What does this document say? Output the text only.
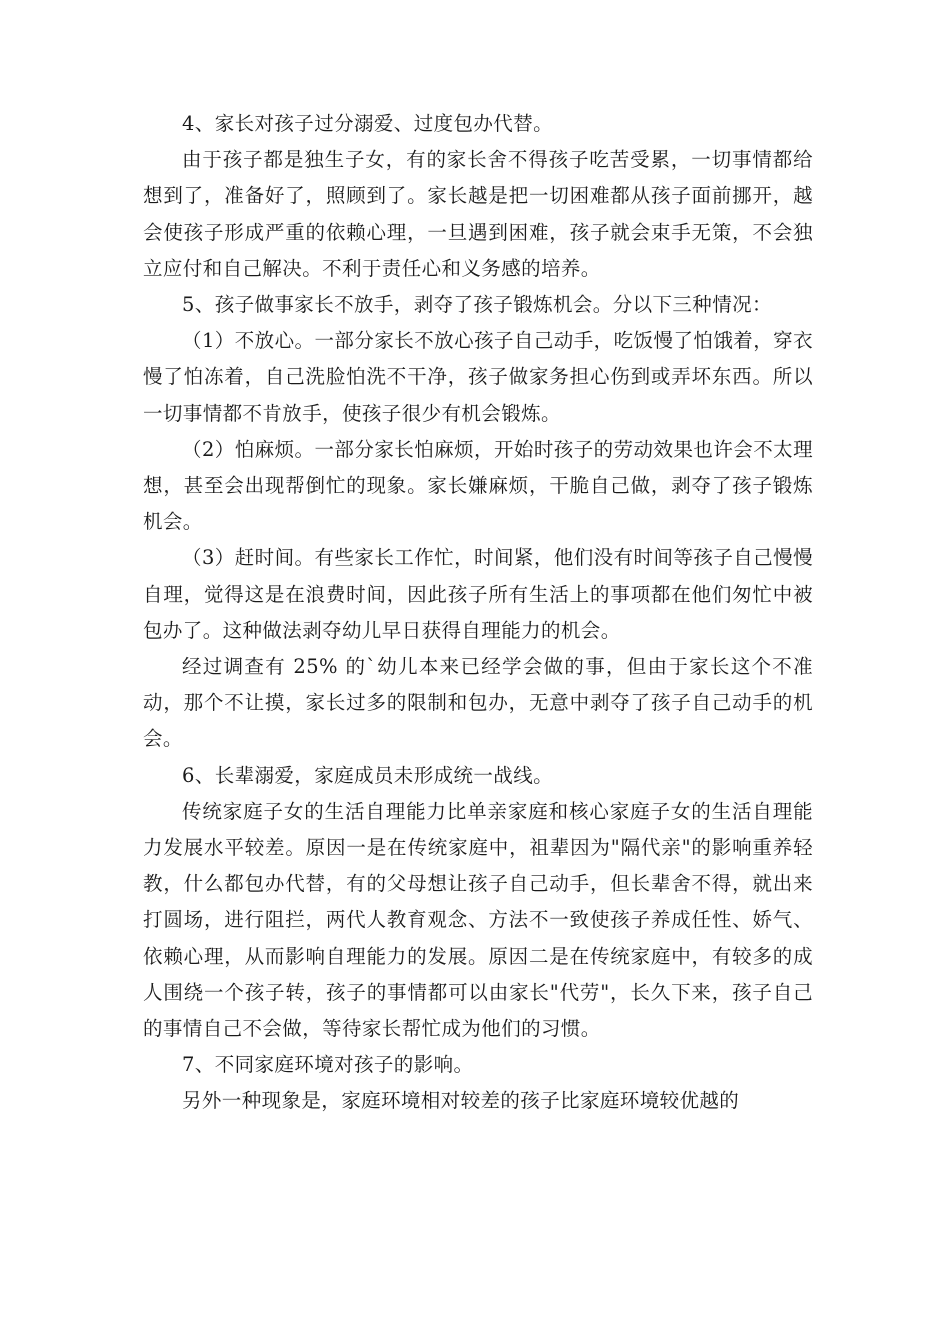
4、家长对孩子过分溺爱、过度包办代替。

由于孩子都是独生子女，有的家长舍不得孩子吃苦受累，一切事情都给想到了，准备好了，照顾到了。家长越是把一切困难都从孩子面前挪开，越会使孩子形成严重的依赖心理，一旦遇到困难，孩子就会束手无策，不会独立应付和自己解决。不利于责任心和义务感的培养。

5、孩子做事家长不放手，剥夺了孩子锻炼机会。分以下三种情况：

（1）不放心。一部分家长不放心孩子自己动手，吃饭慢了怕饿着，穿衣慢了怕冻着，自己洗脸怕洗不干净，孩子做家务担心伤到或弄坏东西。所以一切事情都不肯放手，使孩子很少有机会锻炼。

（2）怕麻烦。一部分家长怕麻烦，开始时孩子的劳动效果也许会不太理想，甚至会出现帮倒忙的现象。家长嫌麻烦，干脆自己做，剥夺了孩子锻炼机会。

（3）赶时间。有些家长工作忙，时间紧，他们没有时间等孩子自己慢慢自理，觉得这是在浪费时间，因此孩子所有生活上的事项都在他们匆忙中被包办了。这种做法剥夺幼儿早日获得自理能力的机会。

经过调查有 25% 的`幼儿本来已经学会做的事，但由于家长这个不准动，那个不让摸，家长过多的限制和包办，无意中剥夺了孩子自己动手的机会。

6、长辈溺爱，家庭成员未形成统一战线。

传统家庭子女的生活自理能力比单亲家庭和核心家庭子女的生活自理能力发展水平较差。原因一是在传统家庭中，祖辈因为"隔代亲"的影响重养轻教，什么都包办代替，有的父母想让孩子自己动手，但长辈舍不得，就出来打圆场，进行阻拦，两代人教育观念、方法不一致使孩子养成任性、娇气、依赖心理，从而影响自理能力的发展。原因二是在传统家庭中，有较多的成人围绕一个孩子转，孩子的事情都可以由家长"代劳"，长久下来，孩子自己的事情自己不会做，等待家长帮忙成为他们的习惯。

7、不同家庭环境对孩子的影响。

另外一种现象是，家庭环境相对较差的孩子比家庭环境较优越的
